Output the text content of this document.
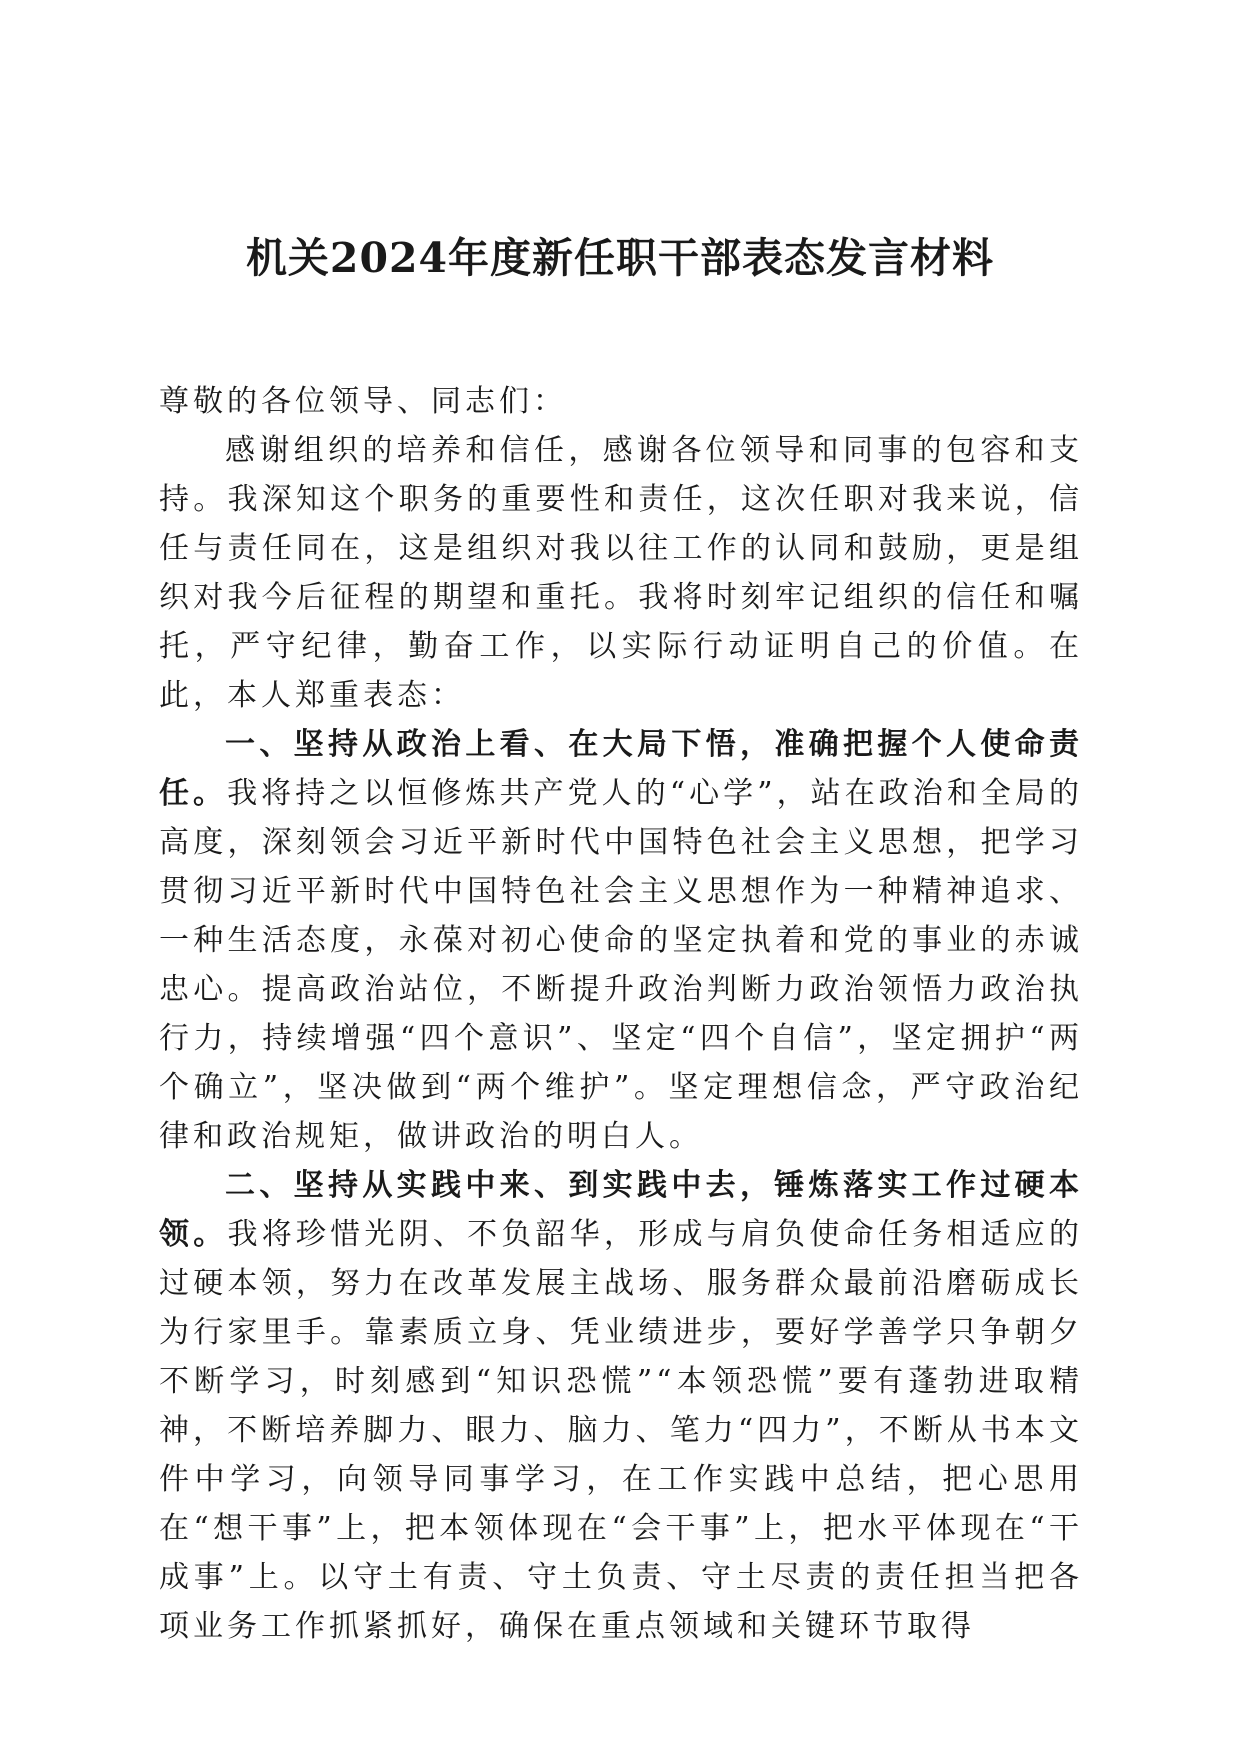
机关2024年度新任职干部表态发言材料

尊敬的各位领导、同志们：

感谢组织的培养和信任，感谢各位领导和同事的包容和支持。我深知这个职务的重要性和责任，这次任职对我来说，信任与责任同在，这是组织对我以往工作的认同和鼓励，更是组织对我今后征程的期望和重托。我将时刻牢记组织的信任和嘱托，严守纪律，勤奋工作，以实际行动证明自己的价值。在此，本人郑重表态：

一、坚持从政治上看、在大局下悟，准确把握个人使命责任。我将持之以恒修炼共产党人的“心学”，站在政治和全局的高度，深刻领会习近平新时代中国特色社会主义思想，把学习贯彻习近平新时代中国特色社会主义思想作为一种精神追求、一种生活态度，永葆对初心使命的坚定执着和党的事业的赤诚忠心。提高政治站位，不断提升政治判断力政治领悟力政治执行力，持续增强“四个意识”、坚定“四个自信”，坚定拥护“两个确立”，坚决做到“两个维护”。坚定理想信念，严守政治纪律和政治规矩，做讲政治的明白人。

二、坚持从实践中来、到实践中去，锤炼落实工作过硬本领。我将珍惜光阴、不负韶华，形成与肩负使命任务相适应的过硬本领，努力在改革发展主战场、服务群众最前沿磨砺成长为行家里手。靠素质立身、凭业绩进步，要好学善学只争朝夕不断学习，时刻感到“知识恐慌”“本领恐慌”要有蓬勃进取精神，不断培养脚力、眼力、脑力、笔力“四力”，不断从书本文件中学习，向领导同事学习，在工作实践中总结，把心思用在“想干事”上，把本领体现在“会干事”上，把水平体现在“干成事”上。以守土有责、守土负责、守土尽责的责任担当把各项业务工作抓紧抓好，确保在重点领域和关键环节取得
